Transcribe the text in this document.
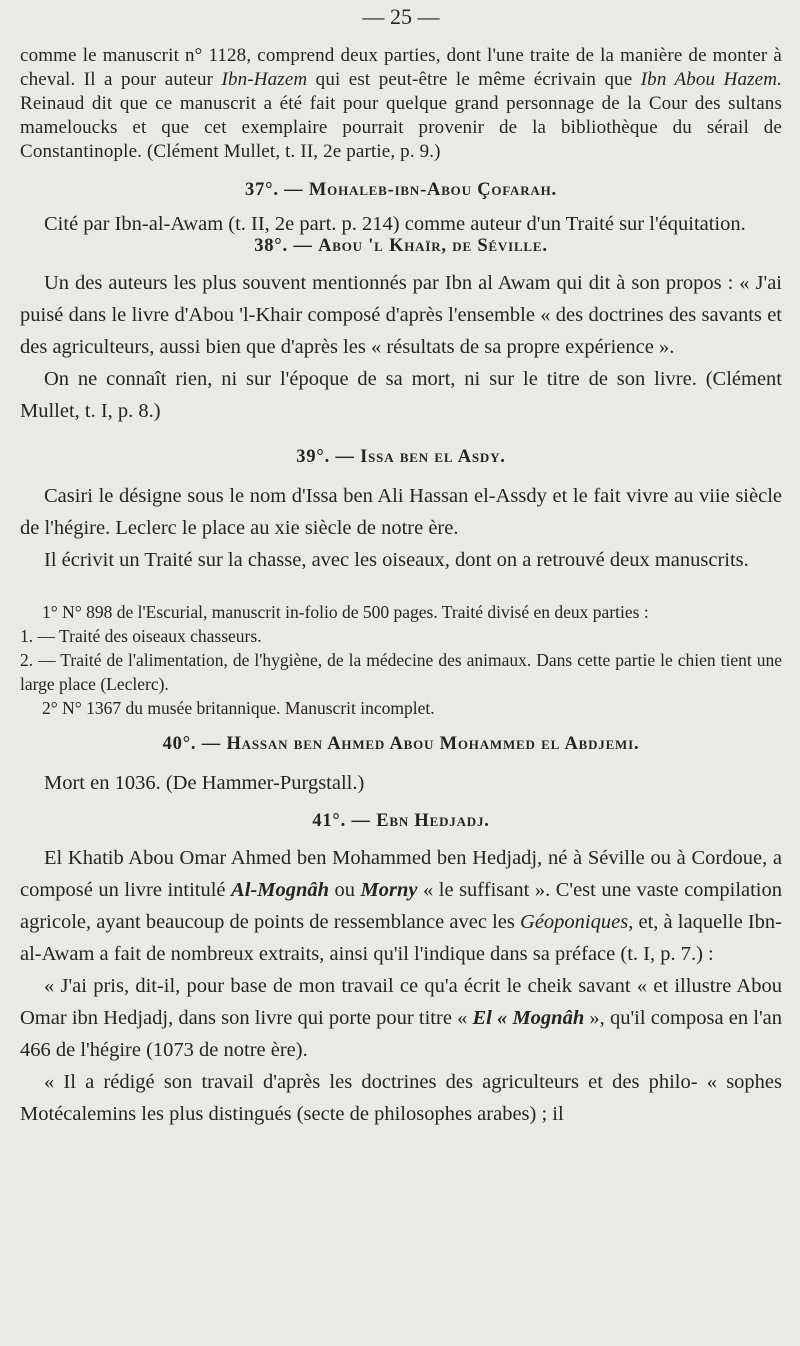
— 25 —

comme le manuscrit n° 1128, comprend deux parties, dont l'une traite de la manière de monter à cheval. Il a pour auteur Ibn-Hazem qui est peut-être le même écrivain que Ibn Abou Hazem. Reinaud dit que ce manuscrit a été fait pour quelque grand personnage de la Cour des sultans mameloucks et que cet exemplaire pourrait provenir de la bibliothèque du sérail de Constantinople. (Clément Mullet, t. II, 2e partie, p. 9.)

37°. — Mohaleb-ibn-Abou Çofarah.

Cité par Ibn-al-Awam (t. II, 2e part. p. 214) comme auteur d'un Traité sur l'équitation.

38°. — Abou 'l Khaïr, de Séville.

Un des auteurs les plus souvent mentionnés par Ibn al Awam qui dit à son propos : « J'ai puisé dans le livre d'Abou 'l-Khair composé d'après l'ensemble « des doctrines des savants et des agriculteurs, aussi bien que d'après les « résultats de sa propre expérience ».

On ne connaît rien, ni sur l'époque de sa mort, ni sur le titre de son livre. (Clément Mullet, t. I, p. 8.)

39°. — Issa ben el Asdy.

Casiri le désigne sous le nom d'Issa ben Ali Hassan el-Assdy et le fait vivre au viie siècle de l'hégire. Leclerc le place au xie siècle de notre ère.

Il écrivit un Traité sur la chasse, avec les oiseaux, dont on a retrouvé deux manuscrits.

1° N° 898 de l'Escurial, manuscrit in-folio de 500 pages. Traité divisé en deux parties :

1. — Traité des oiseaux chasseurs.

2. — Traité de l'alimentation, de l'hygiène, de la médecine des animaux. Dans cette partie le chien tient une large place (Leclerc).

2° N° 1367 du musée britannique. Manuscrit incomplet.

40°. — Hassan ben Ahmed Abou Mohammed el Abdjemi.

Mort en 1036. (De Hammer-Purgstall.)

41°. — Ebn Hedjadj.

El Khatib Abou Omar Ahmed ben Mohammed ben Hedjadj, né à Séville ou à Cordoue, a composé un livre intitulé Al-Mognâh ou Morny « le suffisant ». C'est une vaste compilation agricole, ayant beaucoup de points de ressemblance avec les Géoponiques, et, à laquelle Ibn-al-Awam a fait de nombreux extraits, ainsi qu'il l'indique dans sa préface (t. I, p. 7.) :

« J'ai pris, dit-il, pour base de mon travail ce qu'a écrit le cheik savant « et illustre Abou Omar ibn Hedjadj, dans son livre qui porte pour titre « El « Mognâh », qu'il composa en l'an 466 de l'hégire (1073 de notre ère).

« Il a rédigé son travail d'après les doctrines des agriculteurs et des philo- « sophes Motécalemins les plus distingués (secte de philosophes arabes) ; il
